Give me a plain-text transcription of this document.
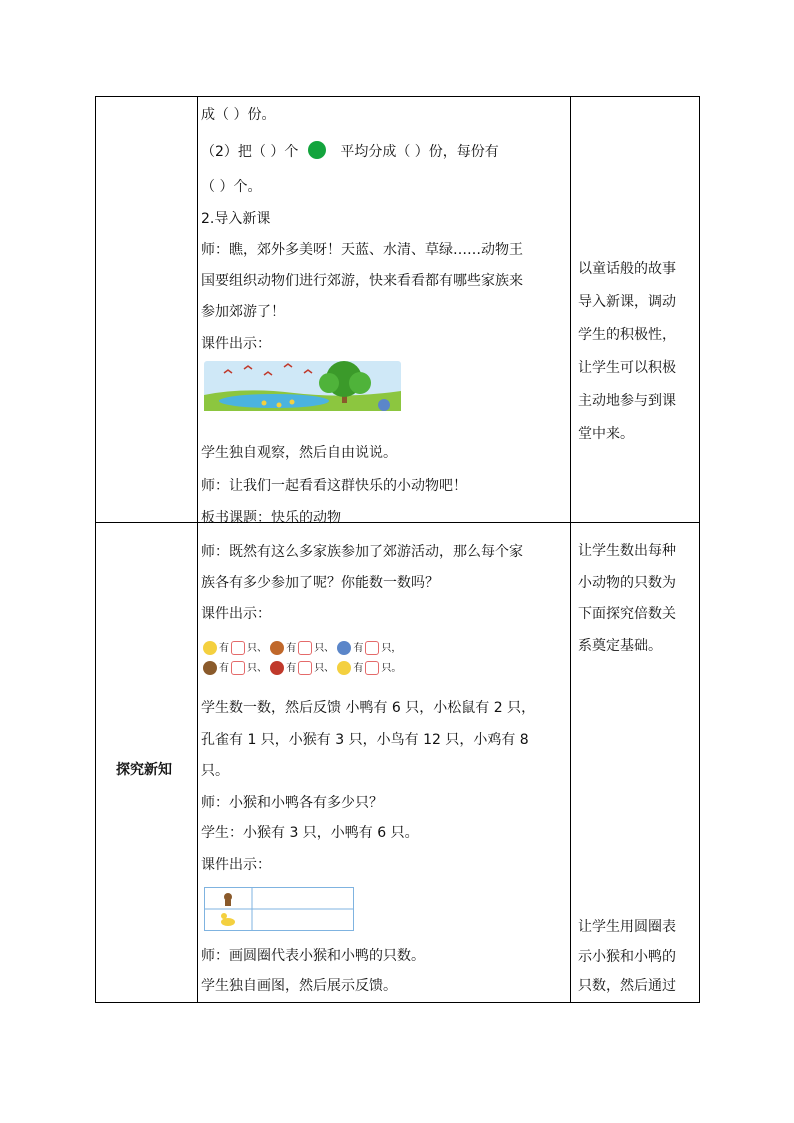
探究新知
成（ ）份。
（2）把（ ）个	平均分成（ ）份，每份有
（ ）个。
2.导入新课
师：瞧，郊外多美呀！天蓝、水清、草绿……动物王
国要组织动物们进行郊游，快来看看都有哪些家族来
参加郊游了！
课件出示：
学生独自观察，然后自由说说。
师：让我们一起看看这群快乐的小动物吧！
板书课题：快乐的动物
以童话般的故事
导入新课，调动
学生的积极性，
让学生可以积极
主动地参与到课
堂中来。
师：既然有这么多家族参加了郊游活动，那么每个家
族各有多少参加了呢？你能数一数吗？
课件出示：
有 只、 有 只、 有 只，
有 只、 有 只、 有 只。
学生数一数，然后反馈 小鸭有 6 只，小松鼠有 2 只，
孔雀有 1 只，小猴有 3 只，小鸟有 12 只，小鸡有 8
只。
师：小猴和小鸭各有多少只？
学生：小猴有 3 只，小鸭有 6 只。
课件出示：
师：画圆圈代表小猴和小鸭的只数。
学生独自画图，然后展示反馈。
让学生数出每种
小动物的只数为
下面探究倍数关
系奠定基础。
让学生用圆圈表
示小猴和小鸭的
只数，然后通过
